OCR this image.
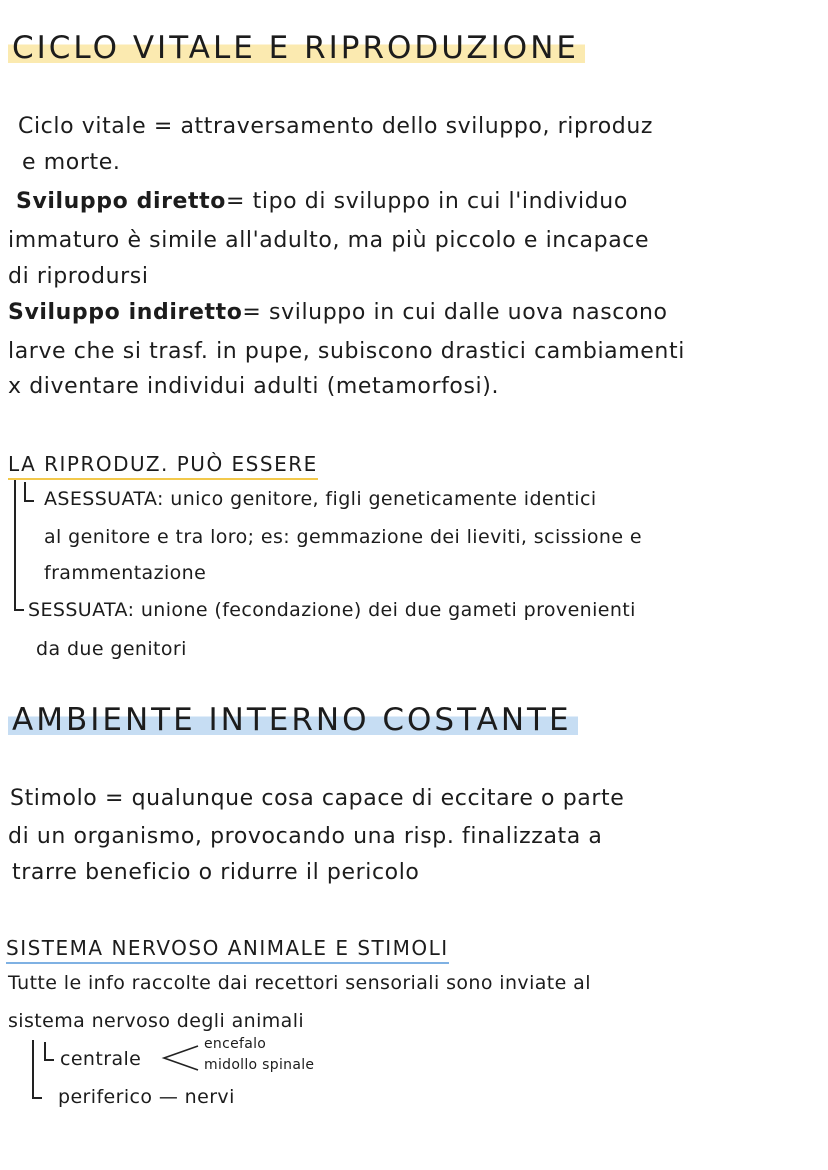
CICLO VITALE E RIPRODUZIONE
Ciclo vitale = attraversamento dello sviluppo, riproduz
e morte.
Sviluppo diretto= tipo di sviluppo in cui l'individuo
immaturo è simile all'adulto, ma più piccolo e incapace
di riprodursi
Sviluppo indiretto= sviluppo in cui dalle uova nascono
larve che si trasf. in pupe, subiscono drastici cambiamenti
x diventare individui adulti (metamorfosi).
LA RIPRODUZ. PUÒ ESSERE
ASESSUATA: unico genitore, figli geneticamente identici
al genitore e tra loro; es: gemmazione dei lieviti, scissione e
frammentazione
SESSUATA: unione (fecondazione) dei due gameti provenienti
da due genitori
AMBIENTE INTERNO COSTANTE
Stimolo = qualunque cosa capace di eccitare o parte
di un organismo, provocando una risp. finalizzata a
trarre beneficio o ridurre il pericolo
SISTEMA NERVOSO ANIMALE E STIMOLI
Tutte le info raccolte dai recettori sensoriali sono inviate al
sistema nervoso degli animali
centrale
encefalo
midollo spinale
periferico — nervi
